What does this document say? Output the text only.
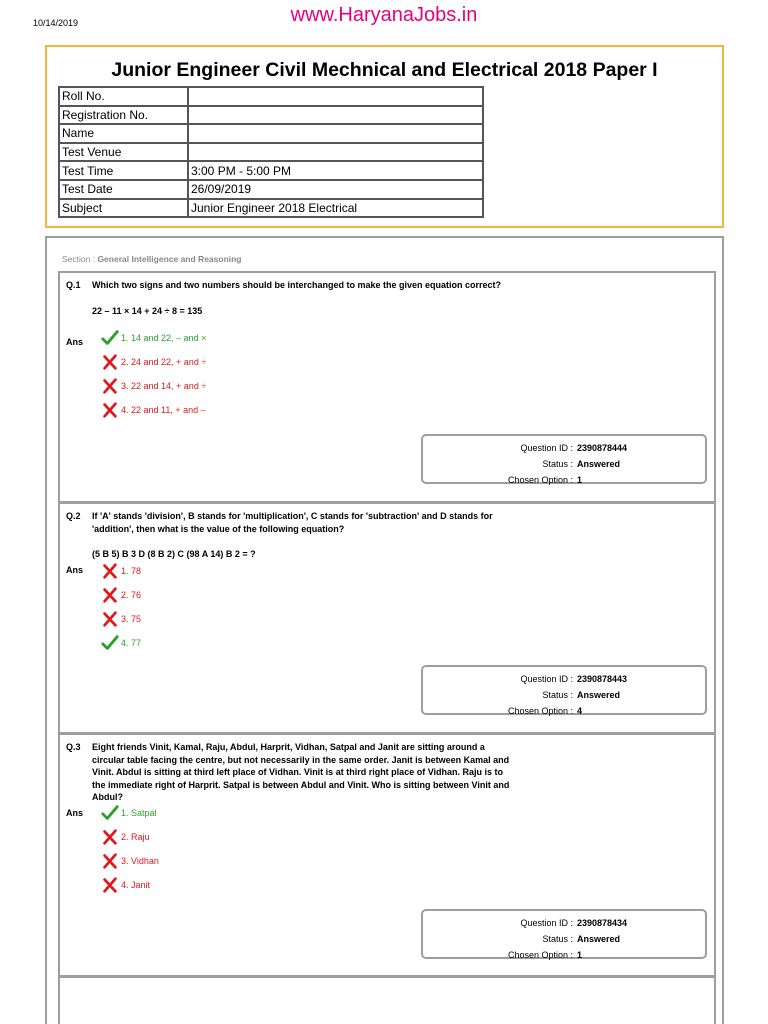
10/14/2019	www.HaryanaJobs.in
Junior Engineer Civil Mechnical and Electrical 2018 Paper I
Roll No.	
Registration No.	
Name	
Test Venue	
Test Time	3:00 PM - 5:00 PM
Test Date	26/09/2019
Subject	Junior Engineer 2018 Electrical
Section : General Intelligence and Reasoning
Q.1	Which two signs and two numbers should be interchanged to make the given equation correct?
22 – 11 × 14 + 24 ÷ 8 = 135
Ans
Question ID : 2390878444
Status : Answered
Chosen Option : 1
1. 14 and 22, – and ×
2. 24 and 22, + and ÷
3. 22 and 14, + and ÷
4. 22 and 11, + and –
Q.2	If 'A' stands 'division', B stands for 'multiplication', C stands for 'subtraction' and D stands for 'addition', then what is the value of the following equation?
(5 B 5) B 3 D (8 B 2) C (98 A 14) B 2 = ?
Ans
Question ID : 2390878443
Status : Answered
Chosen Option : 4
1. 78
2. 76
3. 75
4. 77
Q.3	Eight friends Vinit, Kamal, Raju, Abdul, Harprit, Vidhan, Satpal and Janit are sitting around a circular table facing the centre, but not necessarily in the same order. Janit is between Kamal and Vinit. Abdul is sitting at third left place of Vidhan. Vinit is at third right place of Vidhan. Raju is to the immediate right of Harprit. Satpal is between Abdul and Vinit. Who is sitting between Vinit and Abdul?
Ans
Question ID : 2390878434
Status : Answered
Chosen Option : 1
1. Satpal
2. Raju
3. Vidhan
4. Janit
